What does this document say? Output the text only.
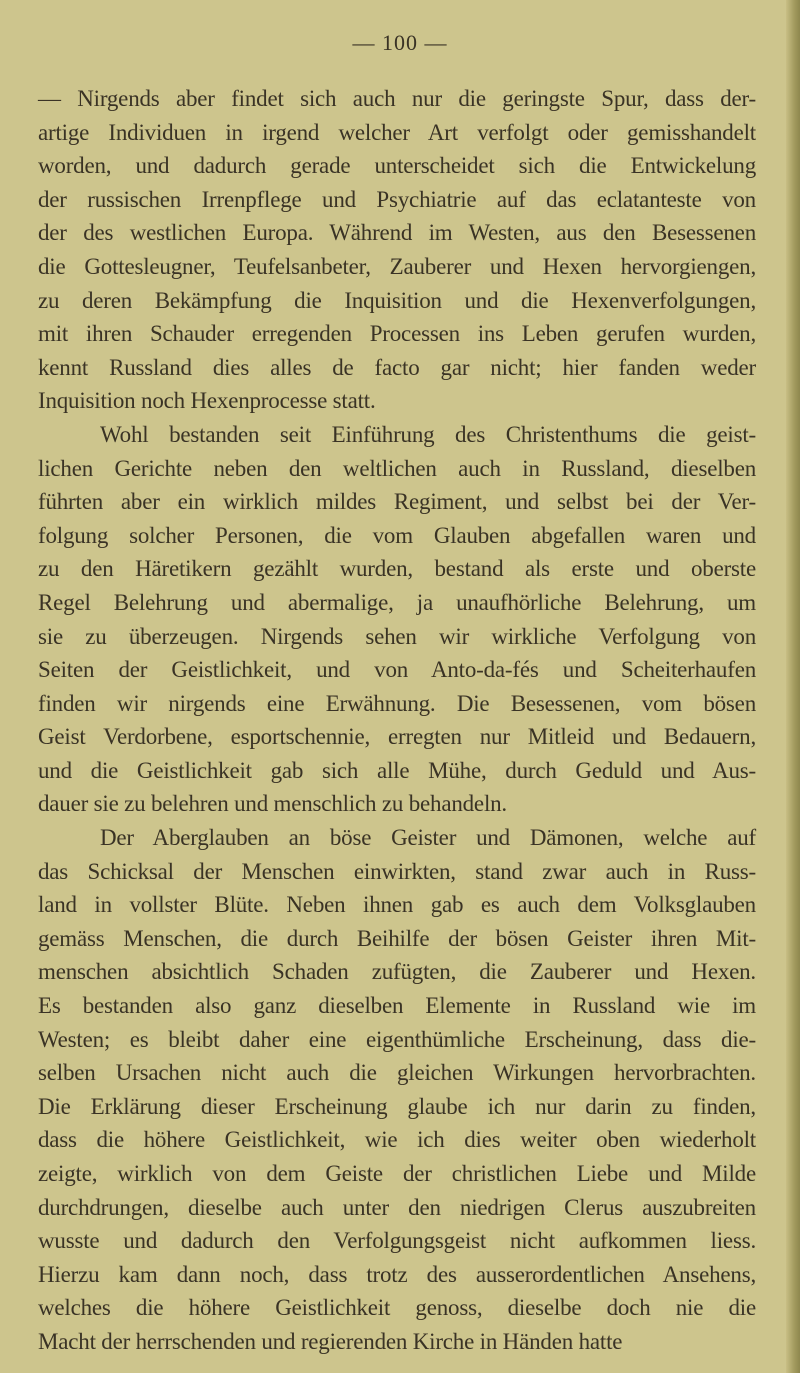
— 100 —
— Nirgends aber findet sich auch nur die geringste Spur, dass der-
artige Individuen in irgend welcher Art verfolgt oder gemisshandelt
worden, und dadurch gerade unterscheidet sich die Entwickelung
der russischen Irrenpflege und Psychiatrie auf das eclatanteste von
der des westlichen Europa. Während im Westen, aus den Besessenen
die Gottesleugner, Teufelsanbeter, Zauberer und Hexen hervorgiengen,
zu deren Bekämpfung die Inquisition und die Hexenverfolgungen,
mit ihren Schauder erregenden Processen ins Leben gerufen wurden,
kennt Russland dies alles de facto gar nicht; hier fanden weder
Inquisition noch Hexenprocesse statt.
Wohl bestanden seit Einführung des Christenthums die geist-
lichen Gerichte neben den weltlichen auch in Russland, dieselben
führten aber ein wirklich mildes Regiment, und selbst bei der Ver-
folgung solcher Personen, die vom Glauben abgefallen waren und
zu den Häretikern gezählt wurden, bestand als erste und oberste
Regel Belehrung und abermalige, ja unaufhörliche Belehrung, um
sie zu überzeugen. Nirgends sehen wir wirkliche Verfolgung von
Seiten der Geistlichkeit, und von Anto-da-fés und Scheiterhaufen
finden wir nirgends eine Erwähnung. Die Besessenen, vom bösen
Geist Verdorbene, esportschennie, erregten nur Mitleid und Bedauern,
und die Geistlichkeit gab sich alle Mühe, durch Geduld und Aus-
dauer sie zu belehren und menschlich zu behandeln.
Der Aberglauben an böse Geister und Dämonen, welche auf
das Schicksal der Menschen einwirkten, stand zwar auch in Russ-
land in vollster Blüte. Neben ihnen gab es auch dem Volksglauben
gemäss Menschen, die durch Beihilfe der bösen Geister ihren Mit-
menschen absichtlich Schaden zufügten, die Zauberer und Hexen.
Es bestanden also ganz dieselben Elemente in Russland wie im
Westen; es bleibt daher eine eigenthümliche Erscheinung, dass die-
selben Ursachen nicht auch die gleichen Wirkungen hervorbrachten.
Die Erklärung dieser Erscheinung glaube ich nur darin zu finden,
dass die höhere Geistlichkeit, wie ich dies weiter oben wiederholt
zeigte, wirklich von dem Geiste der christlichen Liebe und Milde
durchdrungen, dieselbe auch unter den niedrigen Clerus auszubreiten
wusste und dadurch den Verfolgungsgeist nicht aufkommen liess.
Hierzu kam dann noch, dass trotz des ausserordentlichen Ansehens,
welches die höhere Geistlichkeit genoss, dieselbe doch nie die
Macht der herrschenden und regierenden Kirche in Händen hatte
